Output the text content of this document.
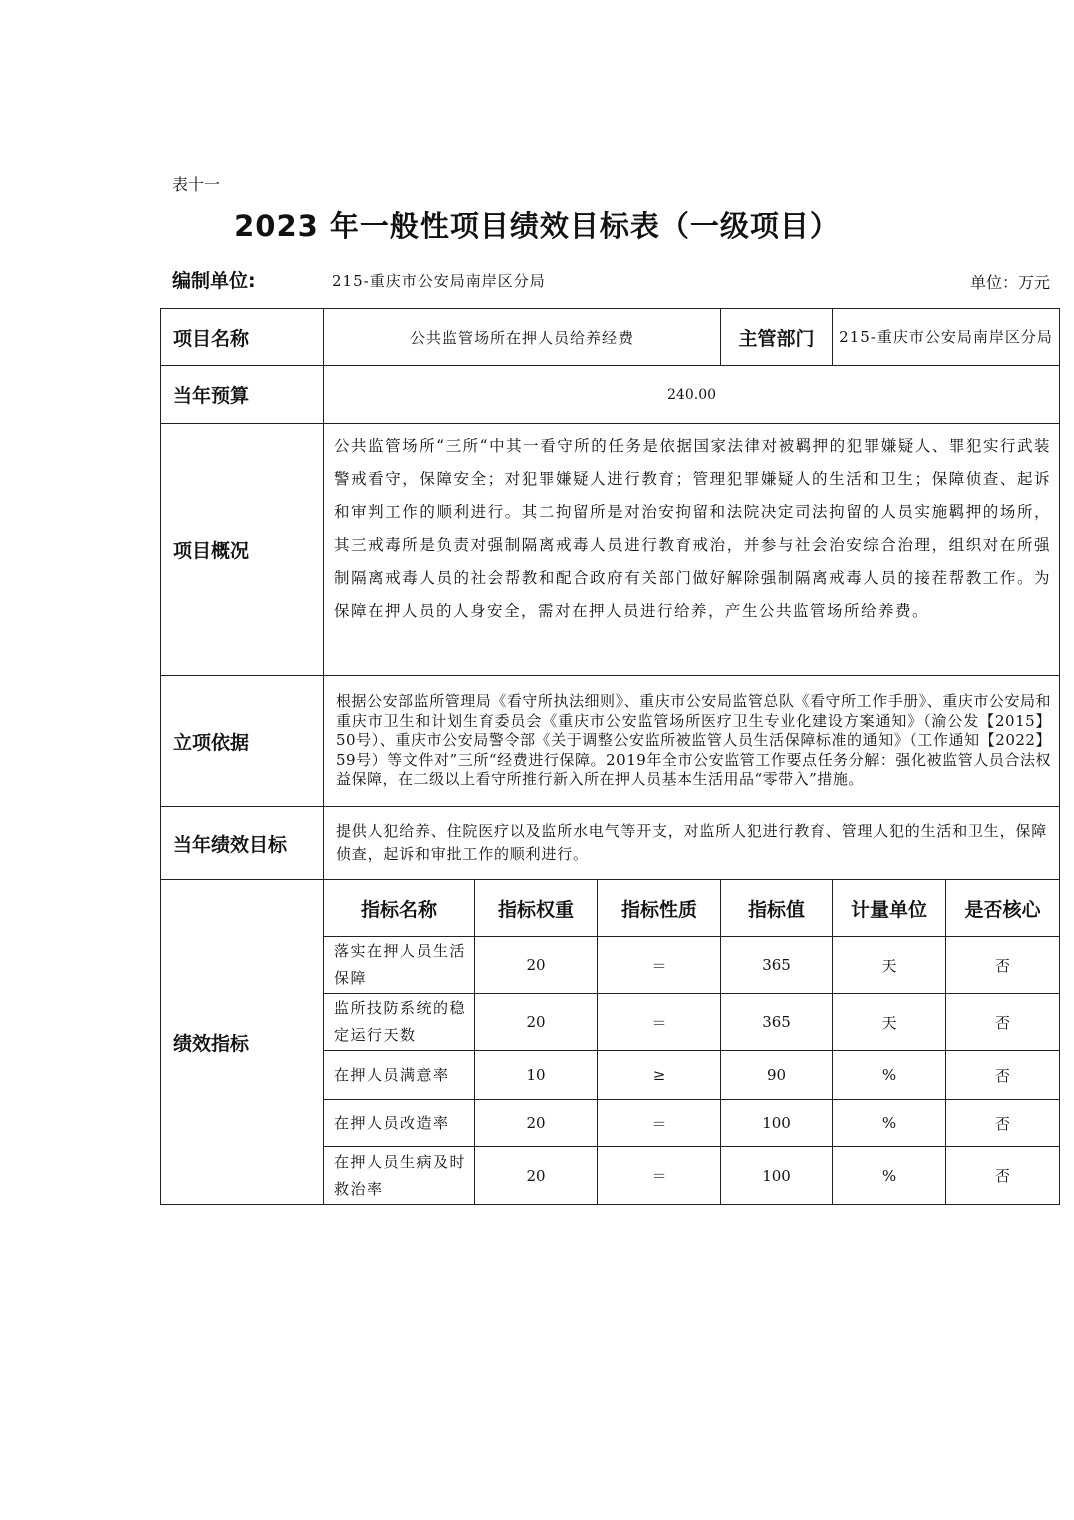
表十一
2023 年一般性项目绩效目标表（一级项目）
编制单位:	215-重庆市公安局南岸区分局	单位：万元
项目名称	公共监管场所在押人员给养经费			主管部门	215-重庆市公安局南岸区分局	
当年预算	240.00					
项目概况	公共监管场所“三所“中其一看守所的任务是依据国家法律对被羁押的犯罪嫌疑人、罪犯实行武装警戒看守，保障安全；对犯罪嫌疑人进行教育；管理犯罪嫌疑人的生活和卫生；保障侦查、起诉和审判工作的顺利进行。其二拘留所是对治安拘留和法院决定司法拘留的人员实施羁押的场所，其三戒毒所是负责对强制隔离戒毒人员进行教育戒治，并参与社会治安综合治理，组织对在所强制隔离戒毒人员的社会帮教和配合政府有关部门做好解除强制隔离戒毒人员的接茬帮教工作。为保障在押人员的人身安全，需对在押人员进行给养，产生公共监管场所给养费。					
立项依据	根据公安部监所管理局《看守所执法细则》、重庆市公安局监管总队《看守所工作手册》、重庆市公安局和重庆市卫生和计划生育委员会《重庆市公安监管场所医疗卫生专业化建设方案通知》（渝公发【2015】50号）、重庆市公安局警令部《关于调整公安监所被监管人员生活保障标准的通知》（工作通知【2022】59号）等文件对”三所“经费进行保障。2019年全市公安监管工作要点任务分解：强化被监管人员合法权益保障，在二级以上看守所推行新入所在押人员基本生活用品“零带入”措施。					
当年绩效目标	提供人犯给养、住院医疗以及监所水电气等开支，对监所人犯进行教育、管理人犯的生活和卫生，保障侦查，起诉和审批工作的顺利进行。					
绩效指标	指标名称	指标权重	指标性质	指标值	计量单位	是否核心
	落实在押人员生活保障	20	＝	365	天	否
	监所技防系统的稳定运行天数	20	＝	365	天	否
	在押人员满意率	10	≥	90	%	否
	在押人员改造率	20	＝	100	%	否
	在押人员生病及时救治率	20	＝	100	%	否
